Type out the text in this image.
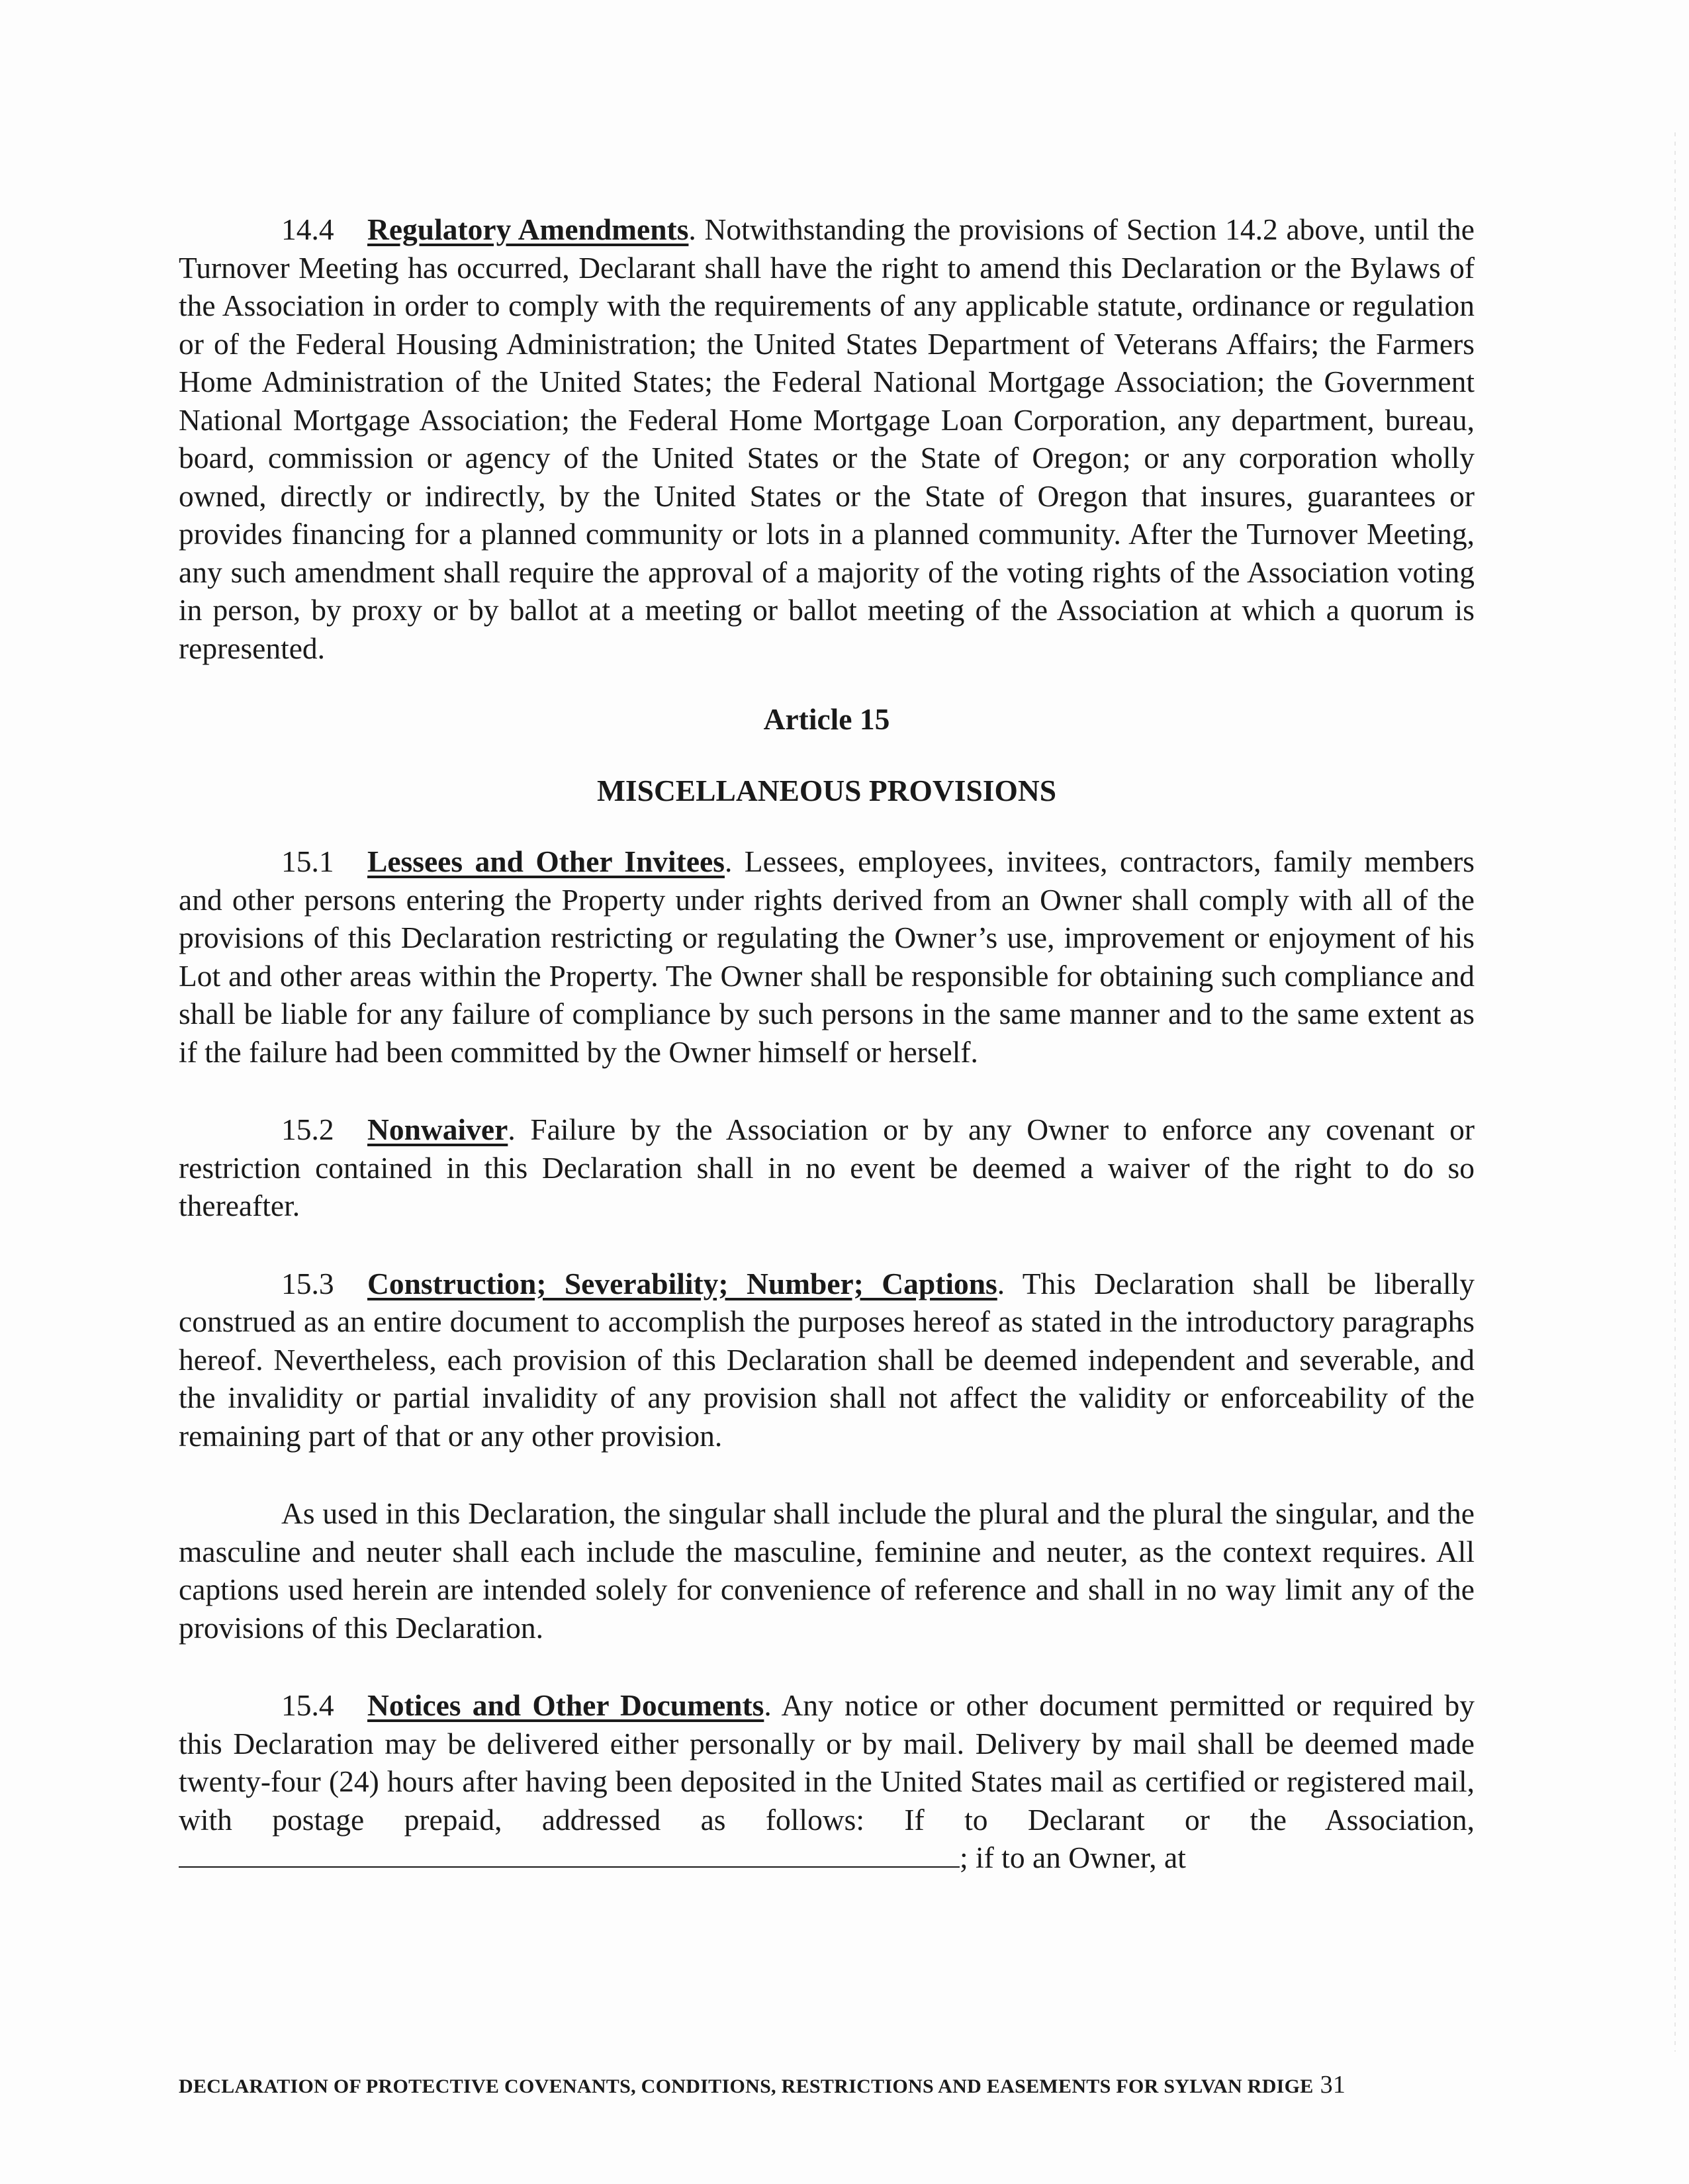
14.4 Regulatory Amendments. Notwithstanding the provisions of Section 14.2 above, until the Turnover Meeting has occurred, Declarant shall have the right to amend this Declaration or the Bylaws of the Association in order to comply with the requirements of any applicable statute, ordinance or regulation or of the Federal Housing Administration; the United States Department of Veterans Affairs; the Farmers Home Administration of the United States; the Federal National Mortgage Association; the Government National Mortgage Association; the Federal Home Mortgage Loan Corporation, any department, bureau, board, commission or agency of the United States or the State of Oregon; or any corporation wholly owned, directly or indirectly, by the United States or the State of Oregon that insures, guarantees or provides financing for a planned community or lots in a planned community. After the Turnover Meeting, any such amendment shall require the approval of a majority of the voting rights of the Association voting in person, by proxy or by ballot at a meeting or ballot meeting of the Association at which a quorum is represented.

Article 15

MISCELLANEOUS PROVISIONS

15.1 Lessees and Other Invitees. Lessees, employees, invitees, contractors, family members and other persons entering the Property under rights derived from an Owner shall comply with all of the provisions of this Declaration restricting or regulating the Owner’s use, improvement or enjoyment of his Lot and other areas within the Property. The Owner shall be responsible for obtaining such compliance and shall be liable for any failure of compliance by such persons in the same manner and to the same extent as if the failure had been committed by the Owner himself or herself.

15.2 Nonwaiver. Failure by the Association or by any Owner to enforce any covenant or restriction contained in this Declaration shall in no event be deemed a waiver of the right to do so thereafter.

15.3 Construction; Severability; Number; Captions. This Declaration shall be liberally construed as an entire document to accomplish the purposes hereof as stated in the introductory paragraphs hereof. Nevertheless, each provision of this Declaration shall be deemed independent and severable, and the invalidity or partial invalidity of any provision shall not affect the validity or enforceability of the remaining part of that or any other provision.

As used in this Declaration, the singular shall include the plural and the plural the singular, and the masculine and neuter shall each include the masculine, feminine and neuter, as the context requires. All captions used herein are intended solely for convenience of reference and shall in no way limit any of the provisions of this Declaration.

15.4 Notices and Other Documents. Any notice or other document permitted or required by this Declaration may be delivered either personally or by mail. Delivery by mail shall be deemed made twenty-four (24) hours after having been deposited in the United States mail as certified or registered mail, with postage prepaid, addressed as follows: If to Declarant or the Association, ; if to an Owner, at

DECLARATION OF PROTECTIVE COVENANTS, CONDITIONS, RESTRICTIONS AND EASEMENTS FOR SYLVAN RDIGE 31
